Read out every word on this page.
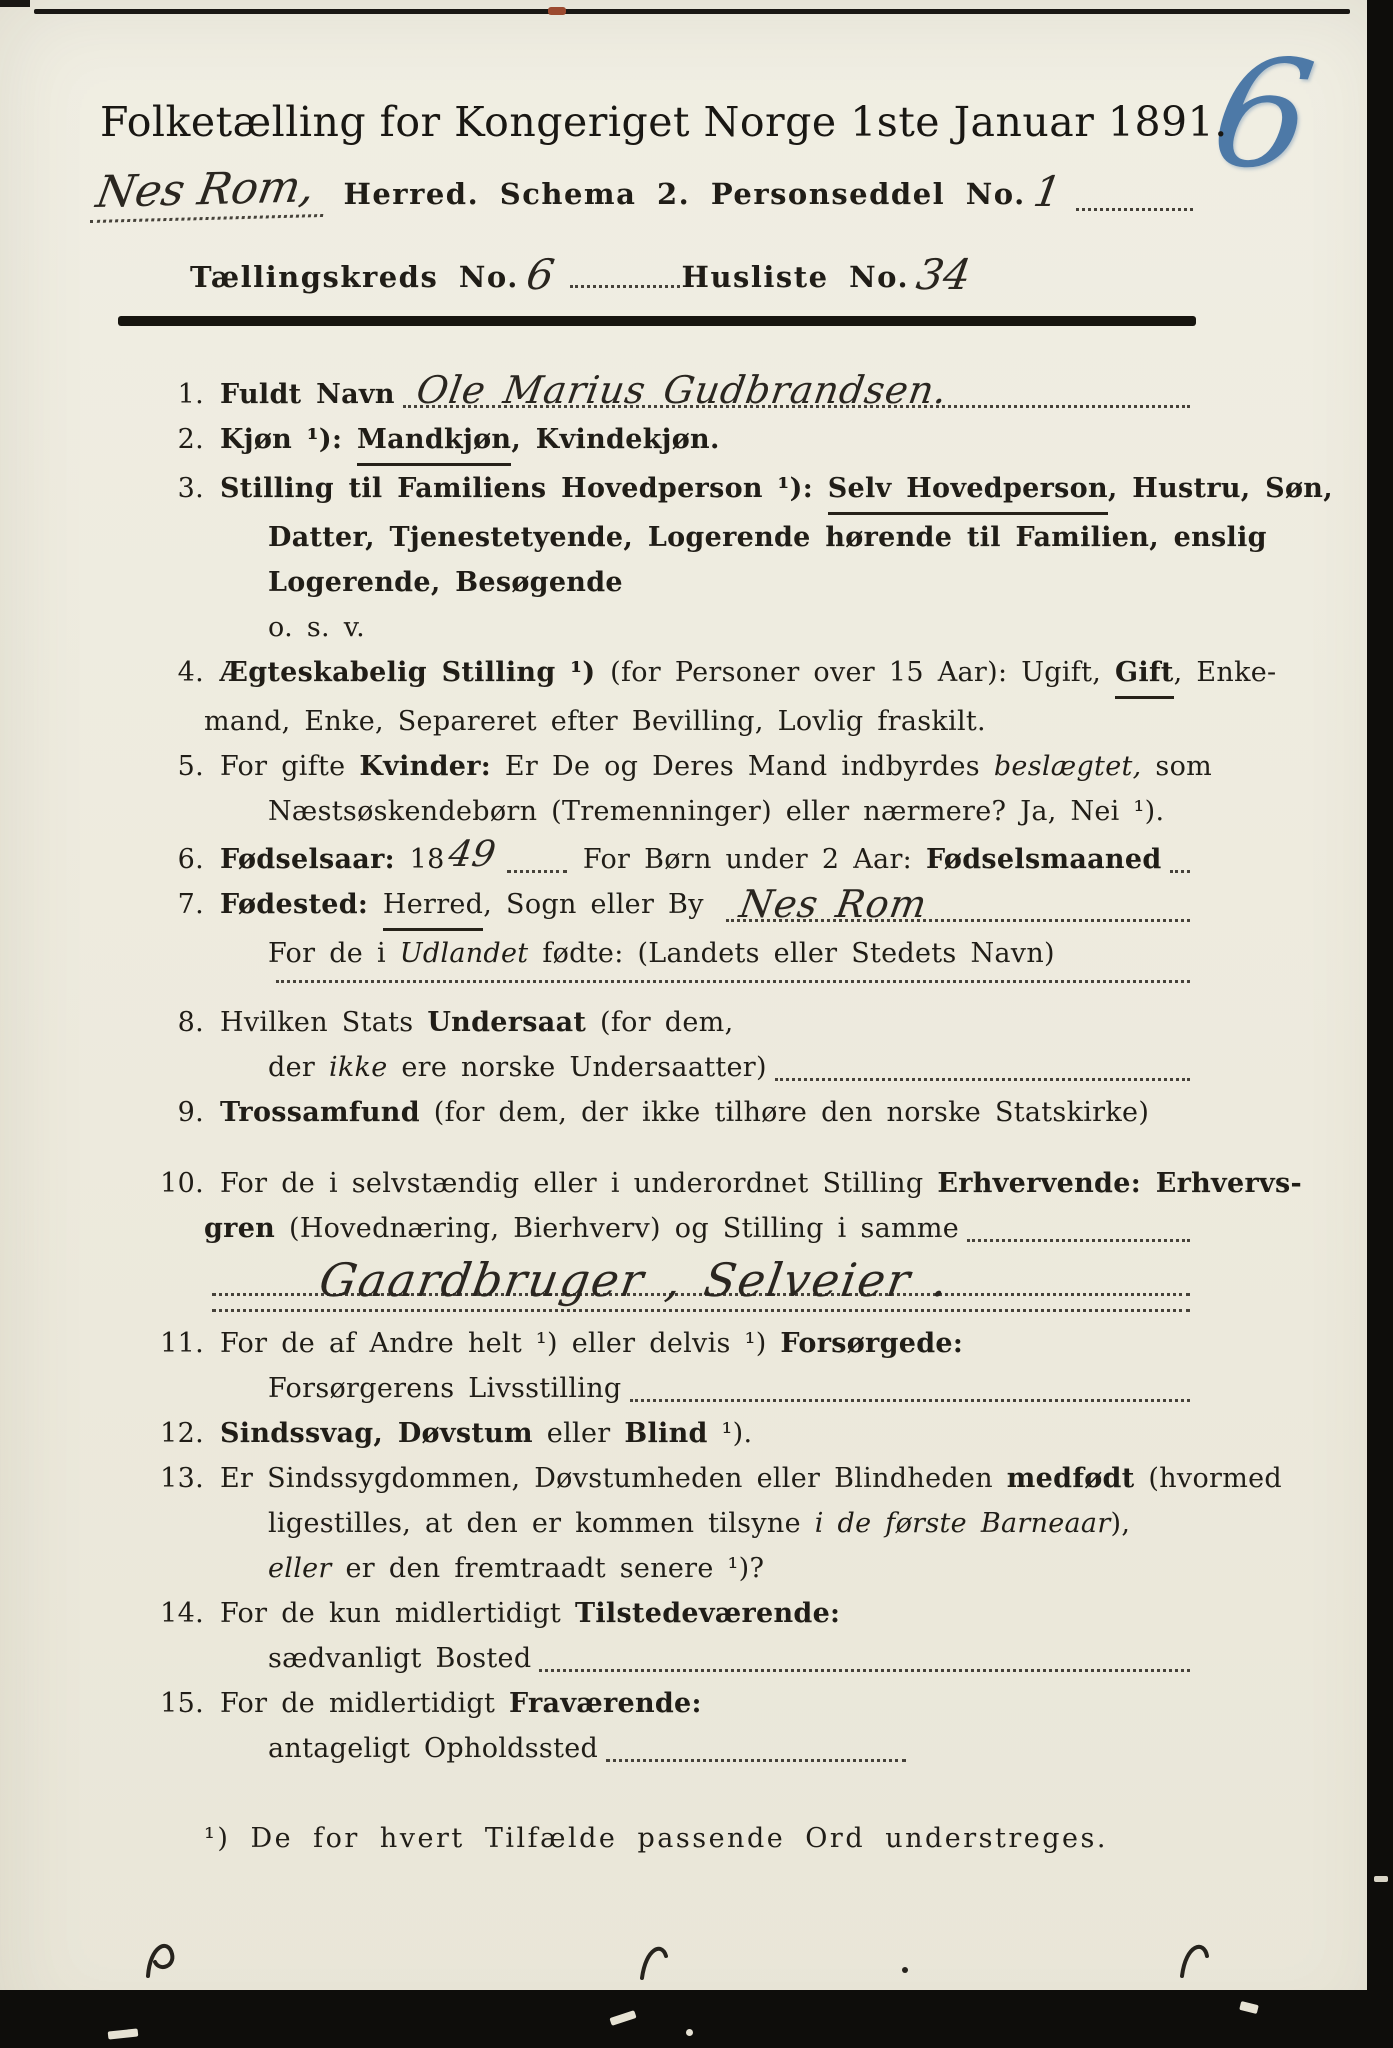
6
Folketælling for Kongeriget Norge 1ste Januar 1891.
Nes Rom, Herred. Schema 2. Personseddel No. 1
Tællingskreds No. 6	Husliste No. 34
1. Fuldt Navn Ole Marius Gudbrandsen.
2. Kjøn ¹): Mandkjøn , Kvindekjøn.
3. Stilling til Familiens Hovedperson ¹): Selv Hovedperson , Hustru, Søn,
Datter, Tjenestetyende, Logerende hørende til Familien, enslig
Logerende, Besøgende
o. s. v.
4. Ægteskabelig Stilling ¹) (for Personer over 15 Aar): Ugift, Gift , Enke-
mand, Enke, Separeret efter Bevilling, Lovlig fraskilt.
5. For gifte Kvinder: Er De og Deres Mand indbyrdes beslægtet, som
Næstsøskendebørn (Tremenninger) eller nærmere? Ja, Nei ¹).
6. Fødselsaar: 18 49	For Børn under 2 Aar: Fødselsmaaned
7. Fødested: Herred , Sogn eller By Nes Rom
For de i Udlandet fødte: (Landets eller Stedets Navn)
8. Hvilken Stats Undersaat (for dem,
der ikke ere norske Undersaatter)
9. Trossamfund (for dem, der ikke tilhøre den norske Statskirke)
10. For de i selvstændig eller i underordnet Stilling Erhvervende: Erhvervs-
gren (Hovednæring, Bierhverv) og Stilling i samme
Gaardbruger , Selveier .
11. For de af Andre helt ¹) eller delvis ¹) Forsørgede:
Forsørgerens Livsstilling
12. Sindssvag, Døvstum eller Blind ¹).
13. Er Sindssygdommen, Døvstumheden eller Blindheden medfødt (hvormed
ligestilles, at den er kommen tilsyne i de første Barneaar ),
eller er den fremtraadt senere ¹)?
14. For de kun midlertidigt Tilstedeværende:
sædvanligt Bosted
15. For de midlertidigt Fraværende:
antageligt Opholdssted
¹) De for hvert Tilfælde passende Ord understreges.
